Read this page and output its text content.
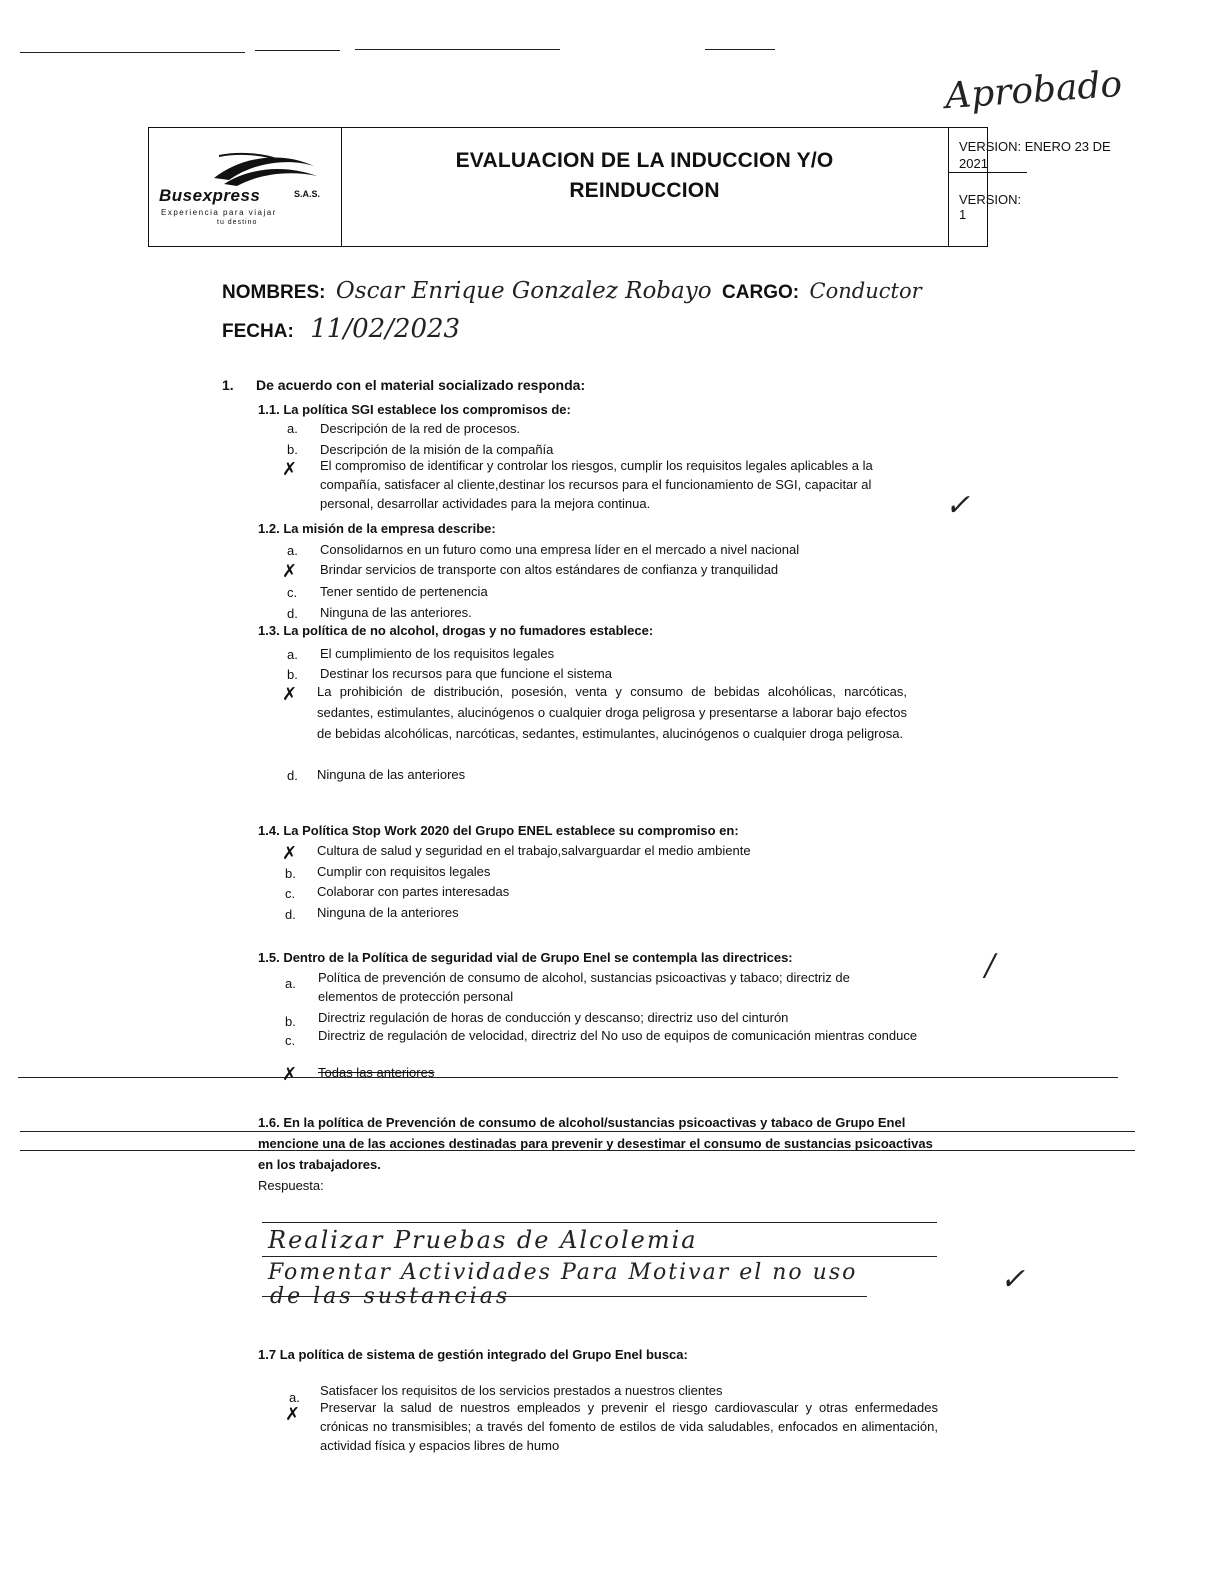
Aprobado
Busexpress	S.A.S.
Experiencia para viajar
tu destino
EVALUACION DE LA INDUCCION Y/O REINDUCCION
VERSION: ENERO 23 DE 2021
VERSION: 1
NOMBRES: Oscar Enrique Gonzalez Robayo CARGO: Conductor
FECHA: 11/02/2023
1. De acuerdo con el material socializado responda:
1.1. La política SGI establece los compromisos de:
a. Descripción de la red de procesos.
b. Descripción de la misión de la compañía
✗ El compromiso de identificar y controlar los riesgos, cumplir los requisitos legales aplicables a la compañía, satisfacer al cliente,destinar los recursos para el funcionamiento de SGI, capacitar al personal, desarrollar actividades para la mejora continua.	✓
1.2. La misión de la empresa describe:
a. Consolidarnos en un futuro como una empresa líder en el mercado a nivel nacional
✗ Brindar servicios de transporte con altos estándares de confianza y tranquilidad
c. Tener sentido de pertenencia
d. Ninguna de las anteriores.
1.3. La política de no alcohol, drogas y no fumadores establece:
a. El cumplimiento de los requisitos legales
b. Destinar los recursos para que funcione el sistema
✗ La prohibición de distribución, posesión, venta y consumo de bebidas alcohólicas, narcóticas, sedantes, estimulantes, alucinógenos o cualquier droga peligrosa y presentarse a laborar bajo efectos de bebidas alcohólicas, narcóticas, sedantes, estimulantes, alucinógenos o cualquier droga peligrosa.
d. Ninguna de las anteriores
1.4. La Política Stop Work 2020 del Grupo ENEL establece su compromiso en:
✗ Cultura de salud y seguridad en el trabajo,salvarguardar el medio ambiente
b. Cumplir con requisitos legales
c. Colaborar con partes interesadas
d. Ninguna de la anteriores
1.5. Dentro de la Política de seguridad vial de Grupo Enel se contempla las directrices:	/
a. Política de prevención de consumo de alcohol, sustancias psicoactivas y tabaco; directriz de elementos de protección personal
b. Directriz regulación de horas de conducción y descanso; directriz uso del cinturón
c. Directriz de regulación de velocidad, directriz del No uso de equipos de comunicación mientras conduce
✗ Todas las anteriores
1.6. En la política de Prevención de consumo de alcohol/sustancias psicoactivas y tabaco de Grupo Enel mencione una de las acciones destinadas para prevenir y desestimar el consumo de sustancias psicoactivas en los trabajadores.
Respuesta:
Realizar Pruebas de Alcolemia
Fomentar Actividades Para Motivar el no uso
de las sustancias	✓
1.7 La política de sistema de gestión integrado del Grupo Enel busca:
a. Satisfacer los requisitos de los servicios prestados a nuestros clientes
✗ Preservar la salud de nuestros empleados y prevenir el riesgo cardiovascular y otras enfermedades crónicas no transmisibles; a través del fomento de estilos de vida saludables, enfocados en alimentación, actividad física y espacios libres de humo
